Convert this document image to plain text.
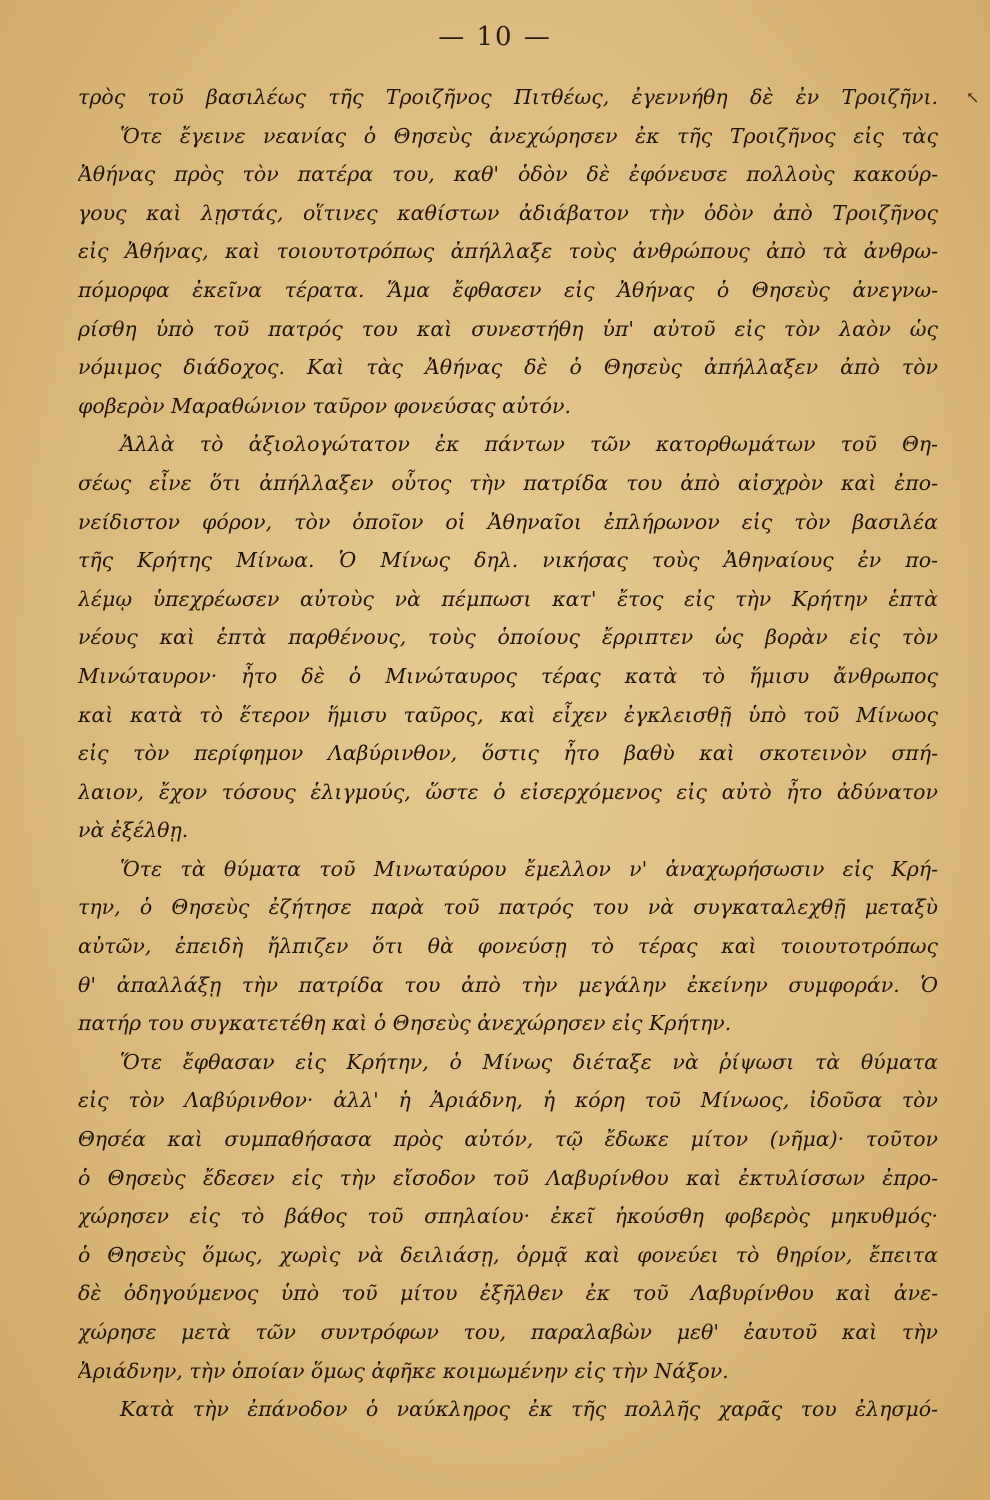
— 10 —
↖
τρὸς τοῦ βασιλέως τῆς Τροιζῆνος Πιτθέως, ἐγεννήθη δὲ ἐν Τροιζῆνι.
Ὅτε ἔγεινε νεανίας ὁ Θησεὺς ἀνεχώρησεν ἐκ τῆς Τροιζῆνος εἰς τὰς
Ἀθήνας πρὸς τὸν πατέρα του, καθ' ὁδὸν δὲ ἐφόνευσε πολλοὺς κακούρ-
γους καὶ λῃστάς, οἵτινες καθίστων ἀδιάβατον τὴν ὁδὸν ἀπὸ Τροιζῆνος
εἰς Ἀθήνας, καὶ τοιουτοτρόπως ἀπήλλαξε τοὺς ἀνθρώπους ἀπὸ τὰ ἀνθρω-
πόμορφα ἐκεῖνα τέρατα. Ἅμα ἔφθασεν εἰς Ἀθήνας ὁ Θησεὺς ἀνεγνω-
ρίσθη ὑπὸ τοῦ πατρός του καὶ συνεστήθη ὑπ' αὐτοῦ εἰς τὸν λαὸν ὡς
νόμιμος διάδοχος. Καὶ τὰς Ἀθήνας δὲ ὁ Θησεὺς ἀπήλλαξεν ἀπὸ τὸν
φοβερὸν Μαραθώνιον ταῦρον φονεύσας αὐτόν.
Ἀλλὰ τὸ ἀξιολογώτατον ἐκ πάντων τῶν κατορθωμάτων τοῦ Θη-
σέως εἶνε ὅτι ἀπήλλαξεν οὗτος τὴν πατρίδα του ἀπὸ αἰσχρὸν καὶ ἐπο-
νείδιστον φόρον, τὸν ὁποῖον οἱ Ἀθηναῖοι ἐπλήρωνον εἰς τὸν βασιλέα
τῆς Κρήτης Μίνωα. Ὁ Μίνως δηλ. νικήσας τοὺς Ἀθηναίους ἐν πο-
λέμῳ ὑπεχρέωσεν αὐτοὺς νὰ πέμπωσι κατ' ἔτος εἰς τὴν Κρήτην ἑπτὰ
νέους καὶ ἑπτὰ παρθένους, τοὺς ὁποίους ἔρριπτεν ὡς βορὰν εἰς τὸν
Μινώταυρον· ἦτο δὲ ὁ Μινώταυρος τέρας κατὰ τὸ ἥμισυ ἄνθρωπος
καὶ κατὰ τὸ ἕτερον ἥμισυ ταῦρος, καὶ εἶχεν ἐγκλεισθῇ ὑπὸ τοῦ Μίνωος
εἰς τὸν περίφημον Λαβύρινθον, ὅστις ἦτο βαθὺ καὶ σκοτεινὸν σπή-
λαιον, ἔχον τόσους ἑλιγμούς, ὥστε ὁ εἰσερχόμενος εἰς αὐτὸ ἦτο ἀδύνατον
νὰ ἐξέλθῃ.
Ὅτε τὰ θύματα τοῦ Μινωταύρου ἔμελλον ν' ἀναχωρήσωσιν εἰς Κρή-
την, ὁ Θησεὺς ἐζήτησε παρὰ τοῦ πατρός του νὰ συγκαταλεχθῇ μεταξὺ
αὐτῶν, ἐπειδὴ ἤλπιζεν ὅτι θὰ φονεύσῃ τὸ τέρας καὶ τοιουτοτρόπως
θ' ἀπαλλάξῃ τὴν πατρίδα του ἀπὸ τὴν μεγάλην ἐκείνην συμφοράν. Ὁ
πατήρ του συγκατετέθη καὶ ὁ Θησεὺς ἀνεχώρησεν εἰς Κρήτην.
Ὅτε ἔφθασαν εἰς Κρήτην, ὁ Μίνως διέταξε νὰ ῥίψωσι τὰ θύματα
εἰς τὸν Λαβύρινθον· ἀλλ' ἡ Ἀριάδνη, ἡ κόρη τοῦ Μίνωος, ἰδοῦσα τὸν
Θησέα καὶ συμπαθήσασα πρὸς αὐτόν, τῷ ἔδωκε μίτον (νῆμα)· τοῦτον
ὁ Θησεὺς ἔδεσεν εἰς τὴν εἴσοδον τοῦ Λαβυρίνθου καὶ ἐκτυλίσσων ἐπρο-
χώρησεν εἰς τὸ βάθος τοῦ σπηλαίου· ἐκεῖ ἠκούσθη φοβερὸς μηκυθμός·
ὁ Θησεὺς ὅμως, χωρὶς νὰ δειλιάσῃ, ὁρμᾷ καὶ φονεύει τὸ θηρίον, ἔπειτα
δὲ ὁδηγούμενος ὑπὸ τοῦ μίτου ἐξῆλθεν ἐκ τοῦ Λαβυρίνθου καὶ ἀνε-
χώρησε μετὰ τῶν συντρόφων του, παραλαβὼν μεθ' ἑαυτοῦ καὶ τὴν
Ἀριάδνην, τὴν ὁποίαν ὅμως ἀφῆκε κοιμωμένην εἰς τὴν Νάξον.
Κατὰ τὴν ἐπάνοδον ὁ ναύκληρος ἐκ τῆς πολλῆς χαρᾶς του ἐλησμό-
